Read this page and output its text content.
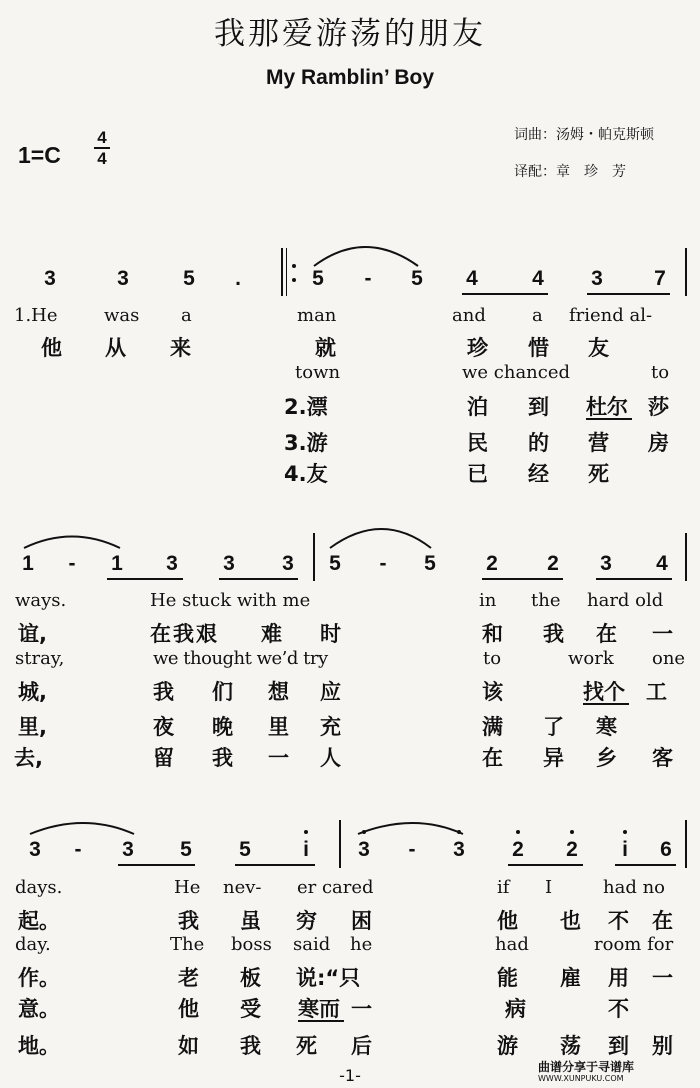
我那爱游荡的朋友
My Ramblin’ Boy
1=C
4
4
词曲：汤姆・帕克斯顿
译配：章　珍　芳
3	3	5	.	5	-	5 4	4 3 7
1.He	was a	man	and	a friend al-
他 从 来	就	珍 惜 友
town	we chanced	to
2.漂	泊 到 杜尔 莎
3.游	民 的 营 房
4.友	已 经 死
1	-	1 3 3 3 5	-	5 2 2 3 4
ways.	He stuck with me	in the hard old
谊,	在我艰 难 时	和 我 在 一
stray,	we thought we’d try	to	work one
城,	我 们 想 应	该	找个 工
里,	夜 晚 里 充	满 了 寒
去,	留 我 一 人	在 异 乡 客
3	-	3 5 5	i	3	-	3 2 2	i	6
days.	He nev- er cared	if I	had no
起。	我 虽 穷 困	他 也 不 在
day.	The boss said he	had	room for
作。	老 板 说:“只	能 雇 用 一
意。	他 受 寒而 一	病	不
地。	如 我 死 后	游 荡 到 别
-1-	曲谱分享于寻谱库
WWW.XUNPUKU.COM
